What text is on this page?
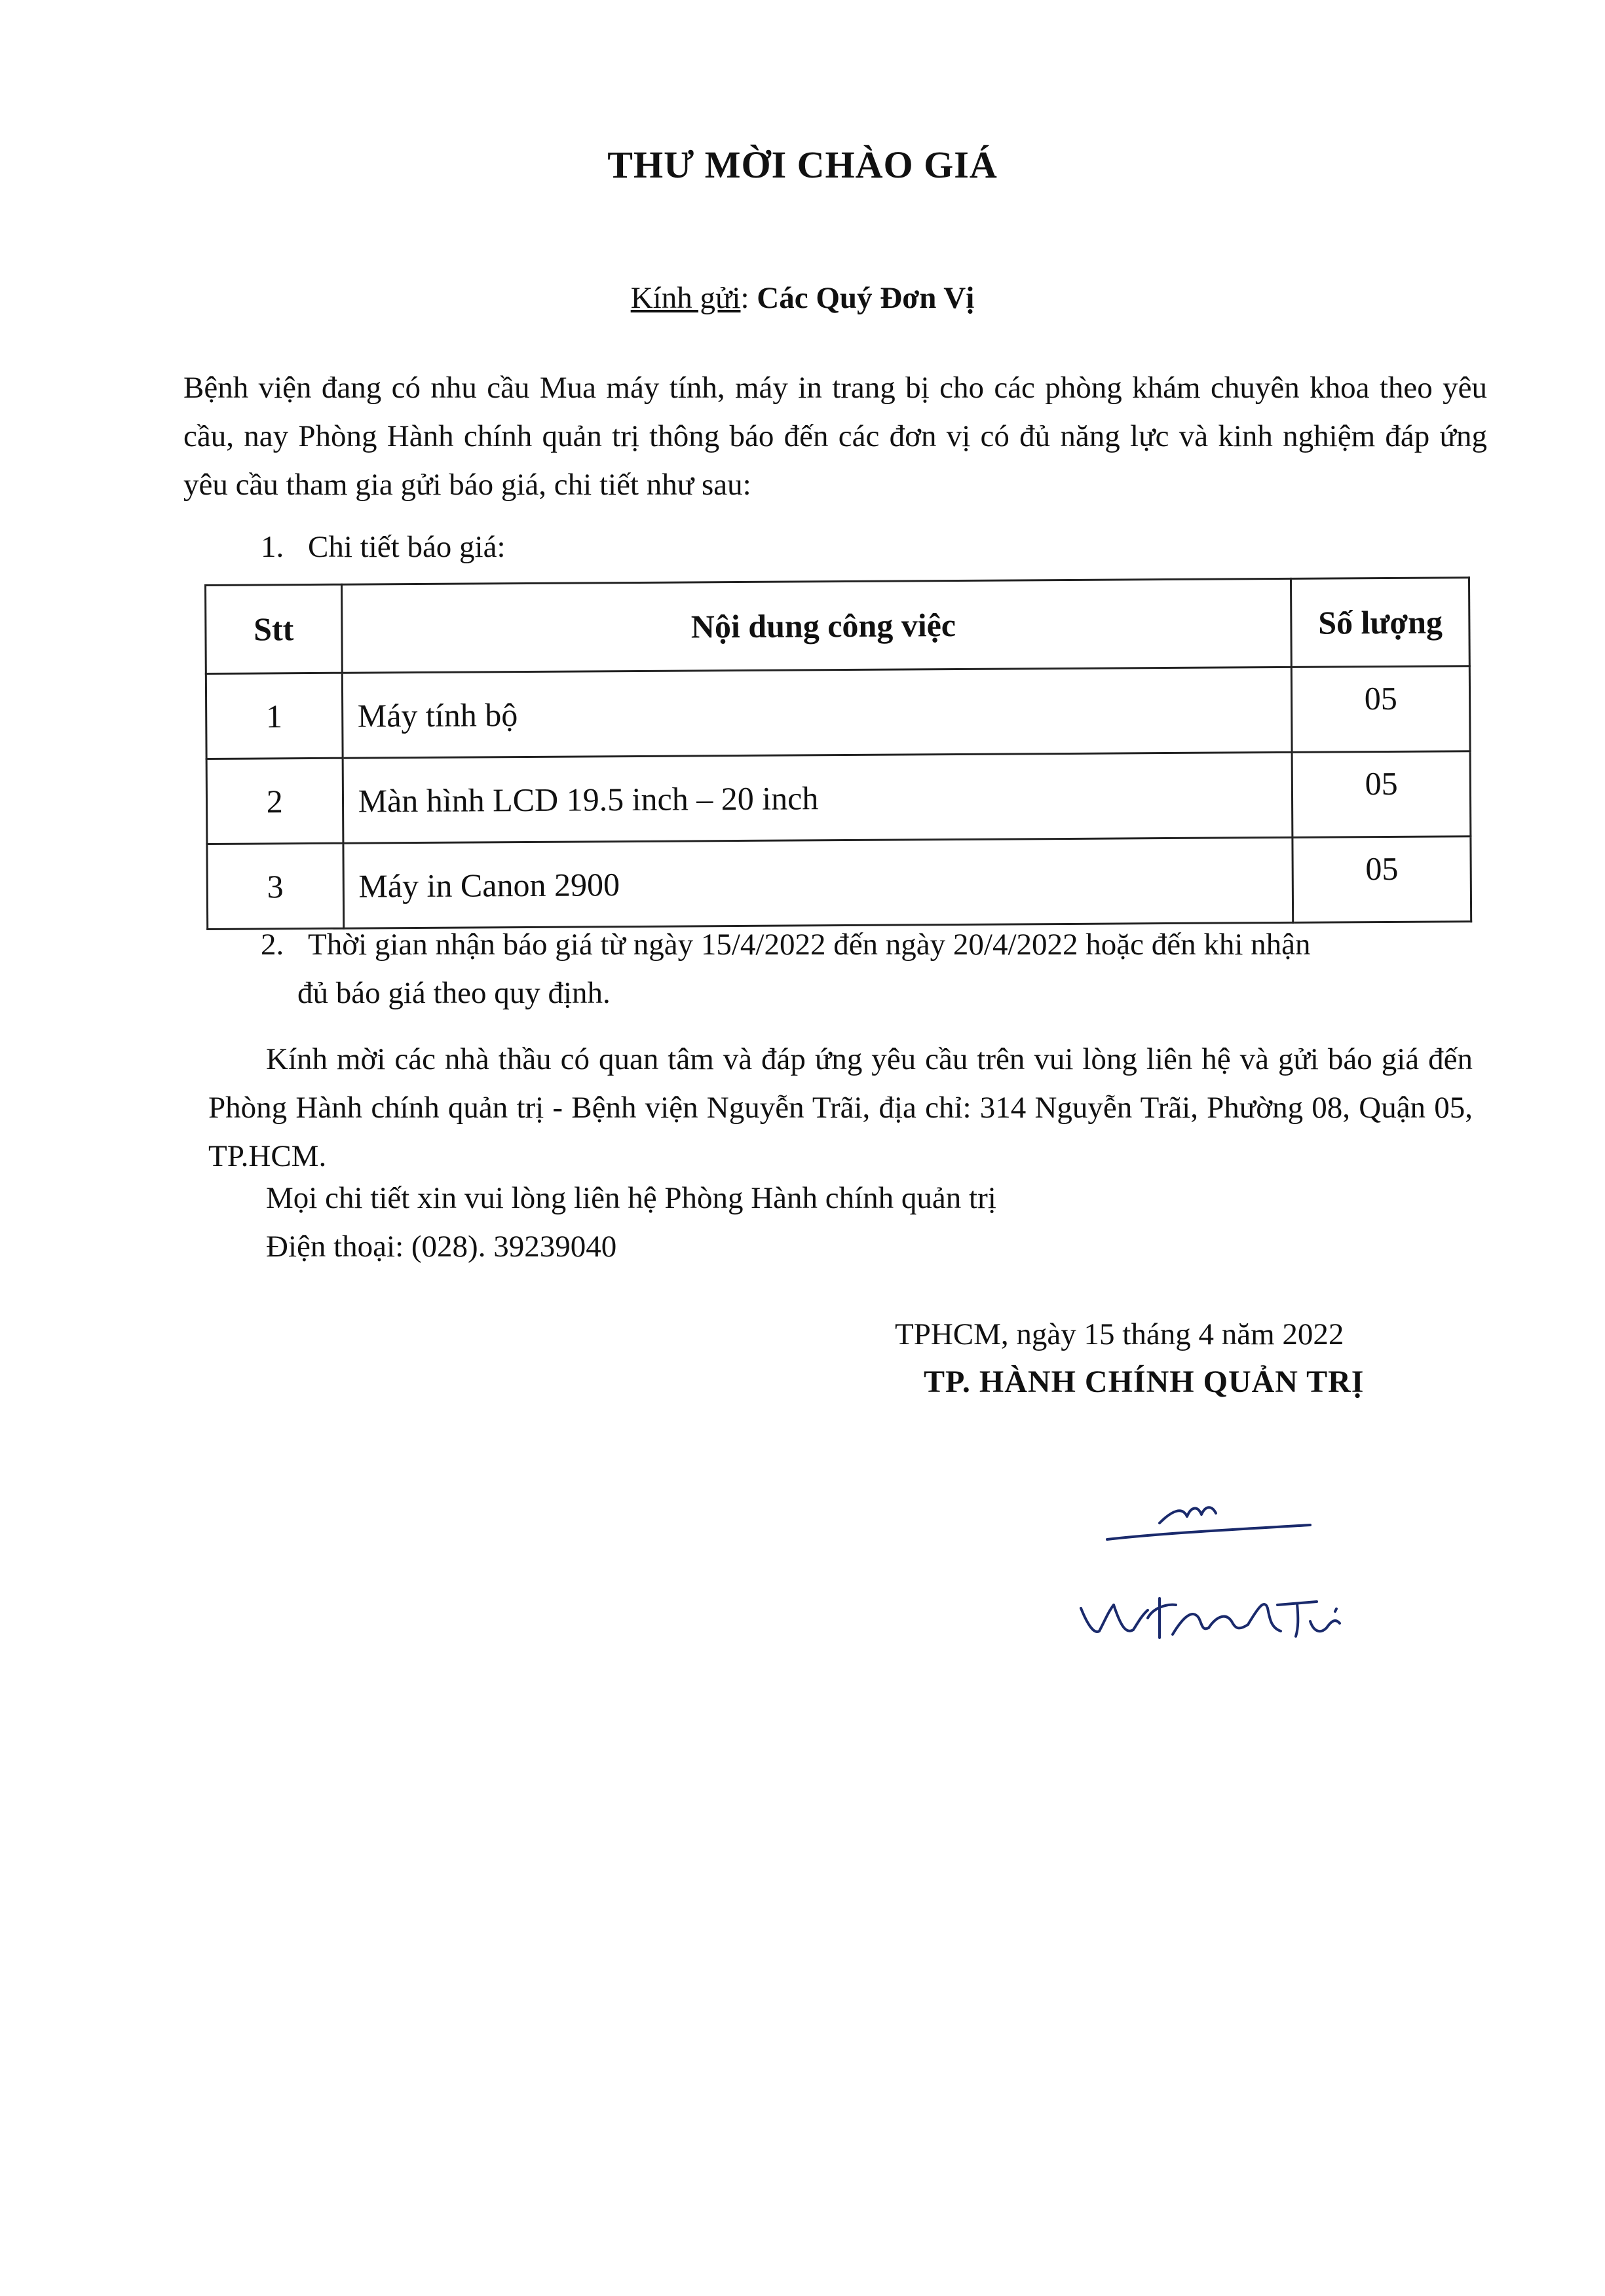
THƯ MỜI CHÀO GIÁ
Kính gửi: Các Quý Đơn Vị
Bệnh viện đang có nhu cầu Mua máy tính, máy in trang bị cho các phòng khám chuyên khoa theo yêu cầu, nay Phòng Hành chính quản trị thông báo đến các đơn vị có đủ năng lực và kinh nghiệm đáp ứng yêu cầu tham gia gửi báo giá, chi tiết như sau:
1. Chi tiết báo giá:
Stt	Nội dung công việc	Số lượng
1	Máy tính bộ	05
2	Màn hình LCD 19.5 inch – 20 inch	05
3	Máy in Canon 2900	05
2. Thời gian nhận báo giá từ ngày 15/4/2022 đến ngày 20/4/2022 hoặc đến khi nhận
đủ báo giá theo quy định.
Kính mời các nhà thầu có quan tâm và đáp ứng yêu cầu trên vui lòng liên hệ và gửi báo giá đến Phòng Hành chính quản trị - Bệnh viện Nguyễn Trãi, địa chỉ: 314 Nguyễn Trãi, Phường 08, Quận 05, TP.HCM.
Mọi chi tiết xin vui lòng liên hệ Phòng Hành chính quản trị
Điện thoại: (028). 39239040
TPHCM, ngày 15 tháng 4 năm 2022
TP. HÀNH CHÍNH QUẢN TRỊ
